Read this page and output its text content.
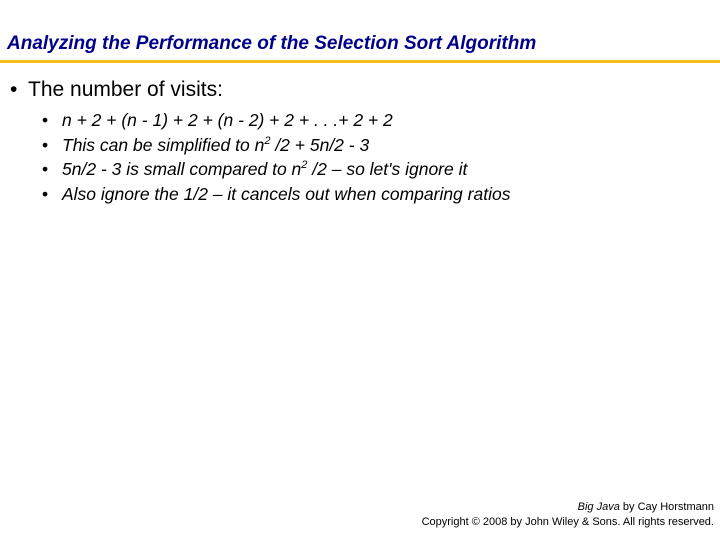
Analyzing the Performance of the Selection Sort Algorithm
• The number of visits:
• n + 2 + (n - 1) + 2 + (n - 2) + 2 + . . .+ 2 + 2
• This can be simplified to $n^2$ /2 + 5n/2 - 3
• 5n/2 - 3 is small compared to $n^2$ /2 – so let's ignore it
• Also ignore the 1/2 – it cancels out when comparing ratios
Big Java by Cay Horstmann
Copyright © 2008 by John Wiley & Sons. All rights reserved.
